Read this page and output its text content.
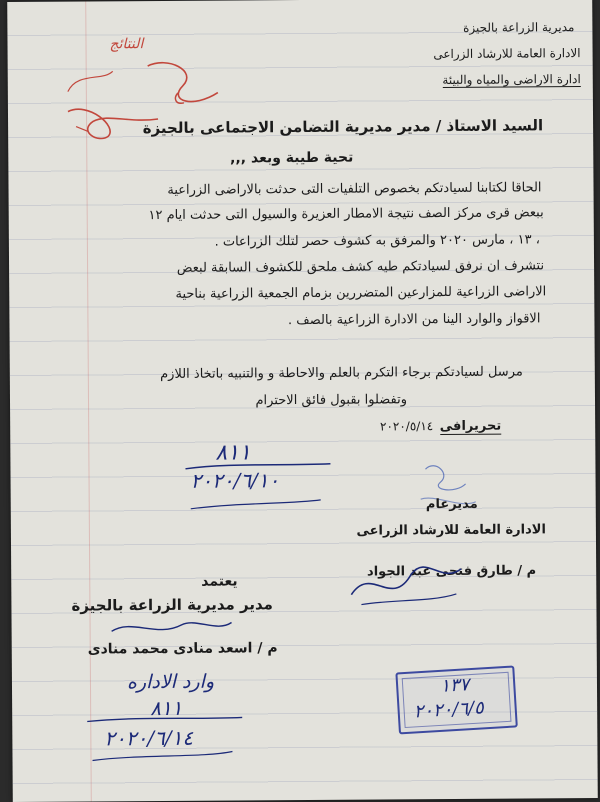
مديرية الزراعة بالجيزة
الادارة العامة للارشاد الزراعى
ادارة الاراضى والمياه والبيئة
النتائج
السيد الاستاذ / مدير مديرية التضامن الاجتماعى بالجيزة
تحية طيبة وبعد ,,,
الحاقا لكتابنا لسيادتكم بخصوص التلفيات التى حدثت بالاراضى الزراعية
ببعض قرى مركز الصف نتيجة الامطار العزيرة والسيول التى حدثت ايام ١٢
، ١٣ ، مارس ٢٠٢٠ والمرفق به كشوف حصر لتلك الزراعات .
نتشرف ان نرفق لسيادتكم طيه كشف ملحق للكشوف السابقة لبعض
الاراضى الزراعية للمزارعين المتضررين بزمام الجمعية الزراعية بناحية
الاقواز والوارد الينا من الادارة الزراعية بالصف .
مرسل لسيادتكم برجاء التكرم بالعلم والاحاطة و والتنبيه باتخاذ اللازم
وتفضلوا بقبول فائق الاحترام
تحريرافى
٢٠٢٠/٥/١٤
٨١١
٢٠٢٠/٦/١٠
مديرعام
الادارة العامة للارشاد الزراعى
م / طارق فتحى عبد الجواد
يعتمد
مدير مديرية الزراعة بالجيزة
م / اسعد منادى محمد منادى
وارد الاداره
٨١١
٢٠٢٠/٦/١٤
١٣٧
٢٠٢٠/٦/٥
